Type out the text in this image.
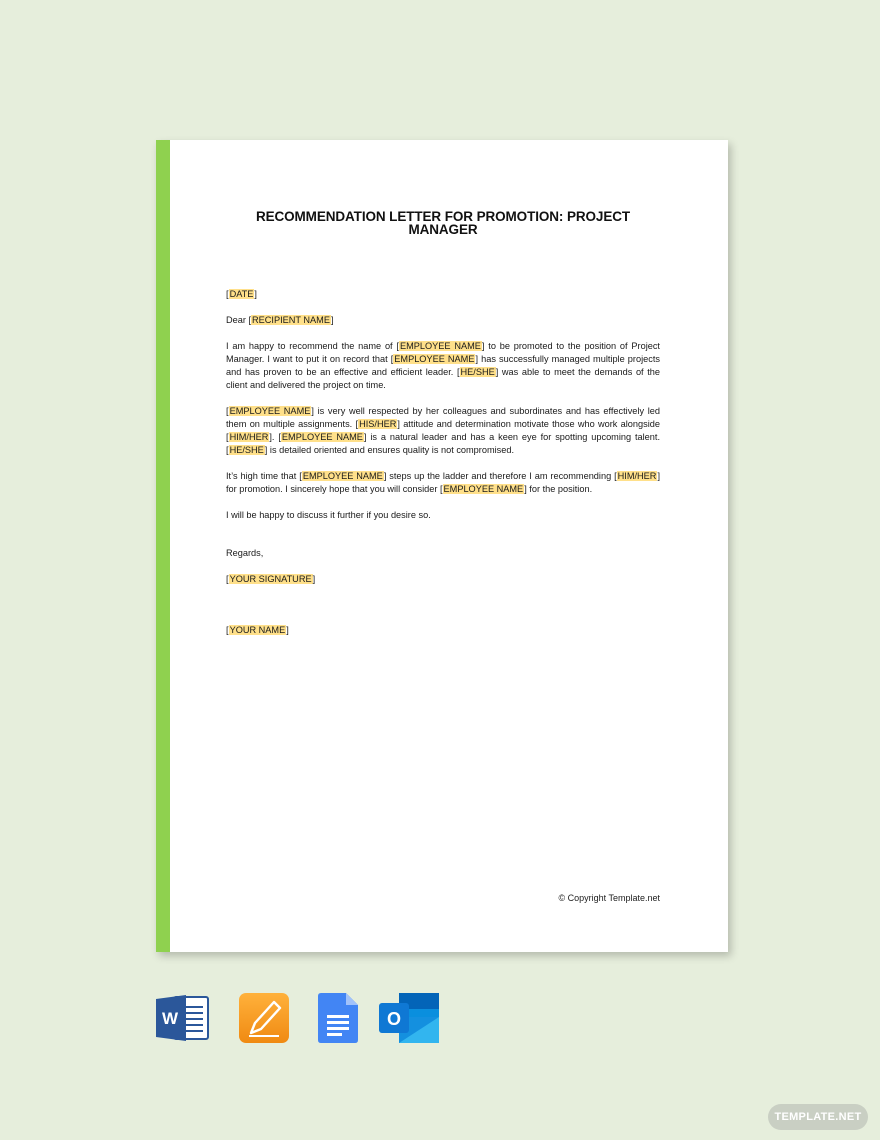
RECOMMENDATION LETTER FOR PROMOTION: PROJECT MANAGER

[DATE]

Dear [RECIPIENT NAME]

I am happy to recommend the name of [EMPLOYEE NAME] to be promoted to the position of Project Manager. I want to put it on record that [EMPLOYEE NAME] has successfully managed multiple projects and has proven to be an effective and efficient leader. [HE/SHE] was able to meet the demands of the client and delivered the project on time.

[EMPLOYEE NAME] is very well respected by her colleagues and subordinates and has effectively led them on multiple assignments. [HIS/HER] attitude and determination motivate those who work alongside [HIM/HER]. [EMPLOYEE NAME] is a natural leader and has a keen eye for spotting upcoming talent. [HE/SHE] is detailed oriented and ensures quality is not compromised.

It’s high time that [EMPLOYEE NAME] steps up the ladder and therefore I am recommending [HIM/HER] for promotion. I sincerely hope that you will consider [EMPLOYEE NAME] for the position.

I will be happy to discuss it further if you desire so.

Regards,

[YOUR SIGNATURE]

[YOUR NAME]

© Copyright Template.net
W	O
TEMPLATE.NET
